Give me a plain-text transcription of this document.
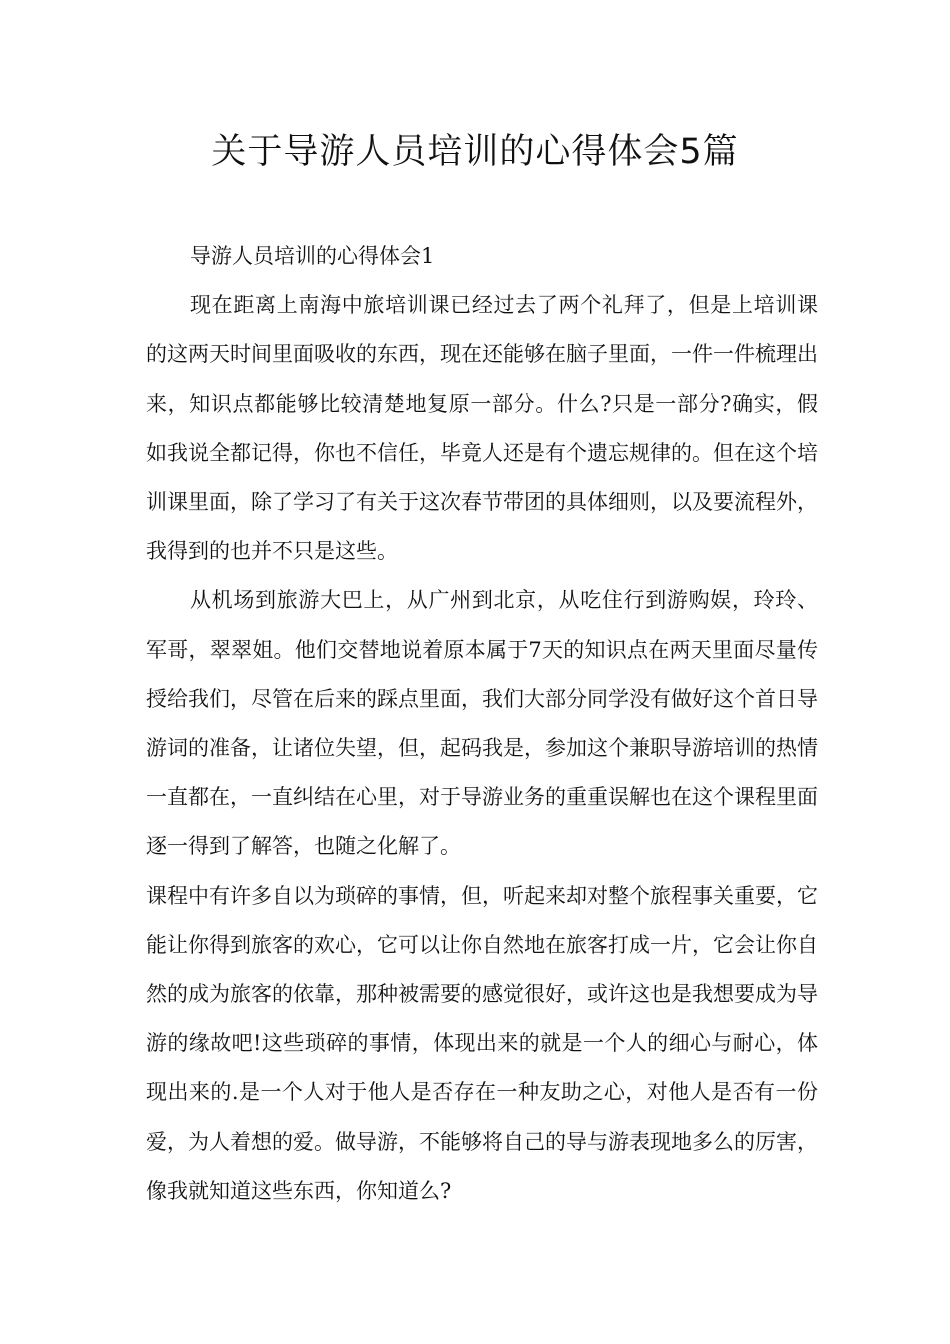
关于导游人员培训的心得体会5篇

导游人员培训的心得体会1

现在距离上南海中旅培训课已经过去了两个礼拜了，但是上培训课的这两天时间里面吸收的东西，现在还能够在脑子里面，一件一件梳理出来，知识点都能够比较清楚地复原一部分。什么?只是一部分?确实，假如我说全都记得，你也不信任，毕竟人还是有个遗忘规律的。但在这个培训课里面，除了学习了有关于这次春节带团的具体细则，以及要流程外，我得到的也并不只是这些。

从机场到旅游大巴上，从广州到北京，从吃住行到游购娱，玲玲、军哥，翠翠姐。他们交替地说着原本属于7天的知识点在两天里面尽量传授给我们，尽管在后来的踩点里面，我们大部分同学没有做好这个首日导游词的准备，让诸位失望，但，起码我是，参加这个兼职导游培训的热情一直都在，一直纠结在心里，对于导游业务的重重误解也在这个课程里面逐一得到了解答，也随之化解了。

课程中有许多自以为琐碎的事情，但，听起来却对整个旅程事关重要，它能让你得到旅客的欢心，它可以让你自然地在旅客打成一片，它会让你自然的成为旅客的依靠，那种被需要的感觉很好，或许这也是我想要成为导游的缘故吧!这些琐碎的事情，体现出来的就是一个人的细心与耐心，体现出来的.是一个人对于他人是否存在一种友助之心，对他人是否有一份爱，为人着想的爱。做导游，不能够将自己的导与游表现地多么的厉害，像我就知道这些东西，你知道么?
